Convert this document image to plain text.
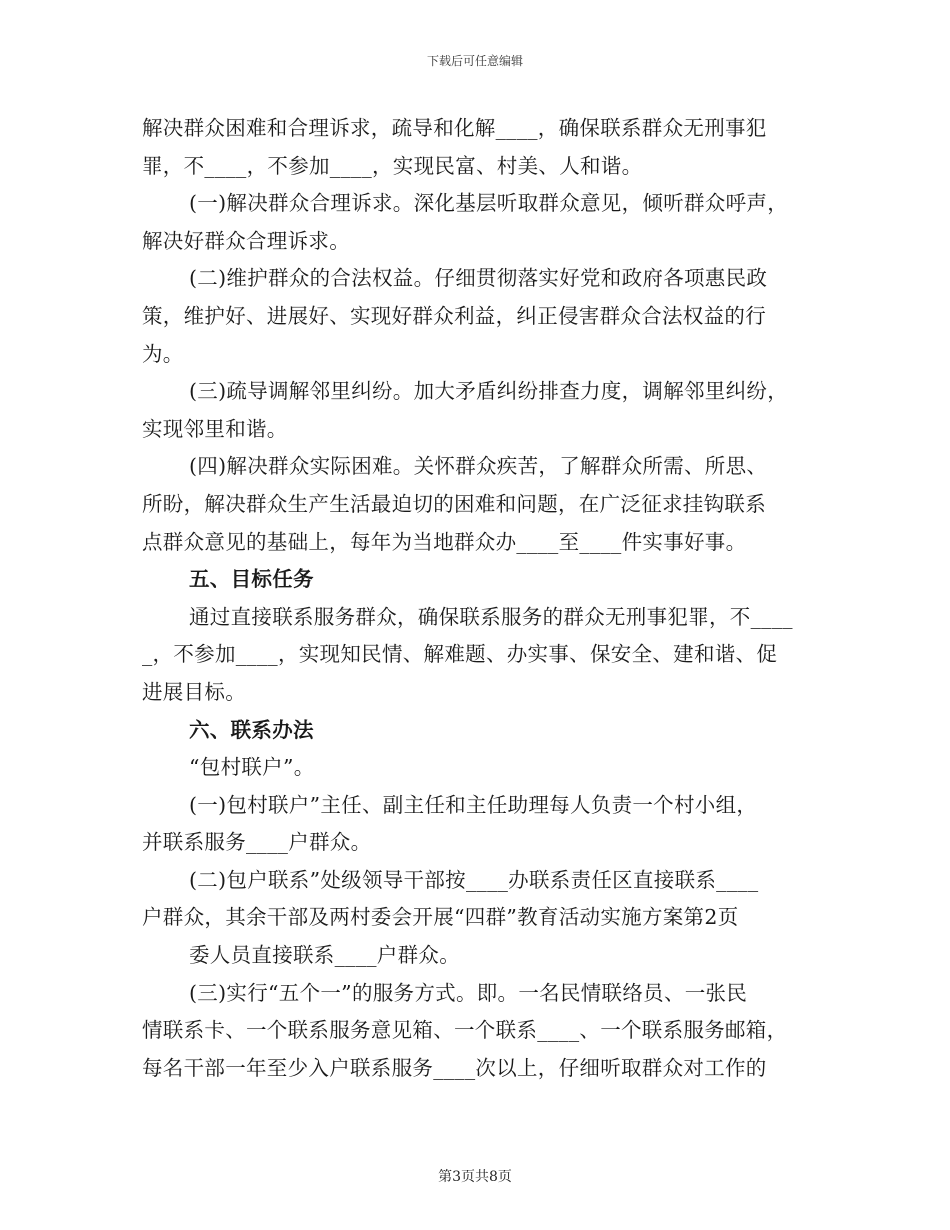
下载后可任意编辑
解决群众困难和合理诉求，疏导和化解____，确保联系群众无刑事犯
罪，不____，不参加____，实现民富、村美、人和谐。
(一)解决群众合理诉求。深化基层听取群众意见，倾听群众呼声，
解决好群众合理诉求。
(二)维护群众的合法权益。仔细贯彻落实好党和政府各项惠民政
策，维护好、进展好、实现好群众利益，纠正侵害群众合法权益的行
为。
(三)疏导调解邻里纠纷。加大矛盾纠纷排查力度，调解邻里纠纷，
实现邻里和谐。
(四)解决群众实际困难。关怀群众疾苦，了解群众所需、所思、
所盼，解决群众生产生活最迫切的困难和问题，在广泛征求挂钩联系
点群众意见的基础上，每年为当地群众办____至____件实事好事。
五、目标任务
通过直接联系服务群众，确保联系服务的群众无刑事犯罪，不____
_，不参加____，实现知民情、解难题、办实事、保安全、建和谐、促
进展目标。
六、联系办法
“包村联户”。
(一)包村联户”主任、副主任和主任助理每人负责一个村小组，
并联系服务____户群众。
(二)包户联系”处级领导干部按____办联系责任区直接联系____
户群众，其余干部及两村委会开展“四群”教育活动实施方案第2页
委人员直接联系____户群众。
(三)实行“五个一”的服务方式。即。一名民情联络员、一张民
情联系卡、一个联系服务意见箱、一个联系____、一个联系服务邮箱，
每名干部一年至少入户联系服务____次以上，仔细听取群众对工作的
第3页共8页
